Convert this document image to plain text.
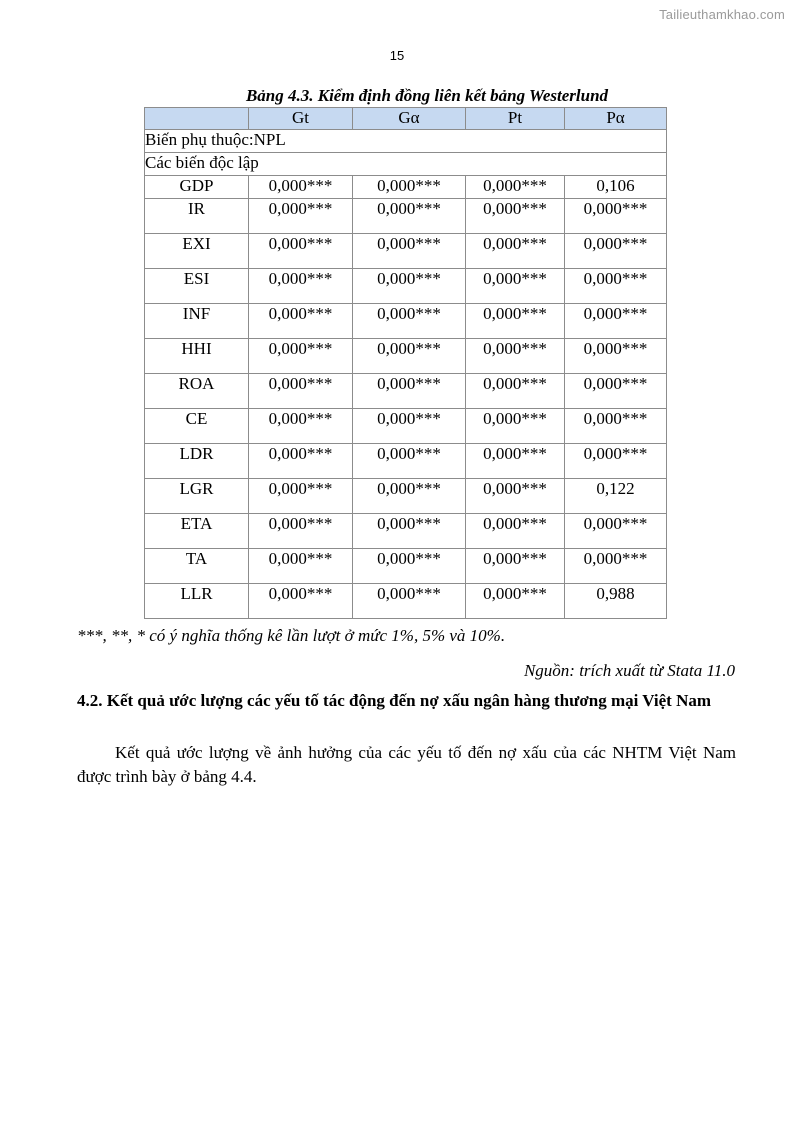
Tailieuthamkhao.com
15
Bảng 4.3. Kiểm định đồng liên kết bảng Westerlund
	Gt	Gα	Pt	Pα
Biến phụ thuộc:NPL				
Các biến độc lập				
GDP	0,000***	0,000***	0,000***	0,106
IR	0,000***	0,000***	0,000***	0,000***
EXI	0,000***	0,000***	0,000***	0,000***
ESI	0,000***	0,000***	0,000***	0,000***
INF	0,000***	0,000***	0,000***	0,000***
HHI	0,000***	0,000***	0,000***	0,000***
ROA	0,000***	0,000***	0,000***	0,000***
CE	0,000***	0,000***	0,000***	0,000***
LDR	0,000***	0,000***	0,000***	0,000***
LGR	0,000***	0,000***	0,000***	0,122
ETA	0,000***	0,000***	0,000***	0,000***
TA	0,000***	0,000***	0,000***	0,000***
LLR	0,000***	0,000***	0,000***	0,988
***, **, * có ý nghĩa thống kê lần lượt ở mức 1%, 5% và 10%.
Nguồn: trích xuất từ Stata 11.0
4.2. Kết quả ước lượng các yếu tố tác động đến nợ xấu ngân hàng thương mại Việt Nam
Kết quả ước lượng về ảnh hưởng của các yếu tố đến nợ xấu của các NHTM Việt Nam được trình bày ở bảng 4.4.
